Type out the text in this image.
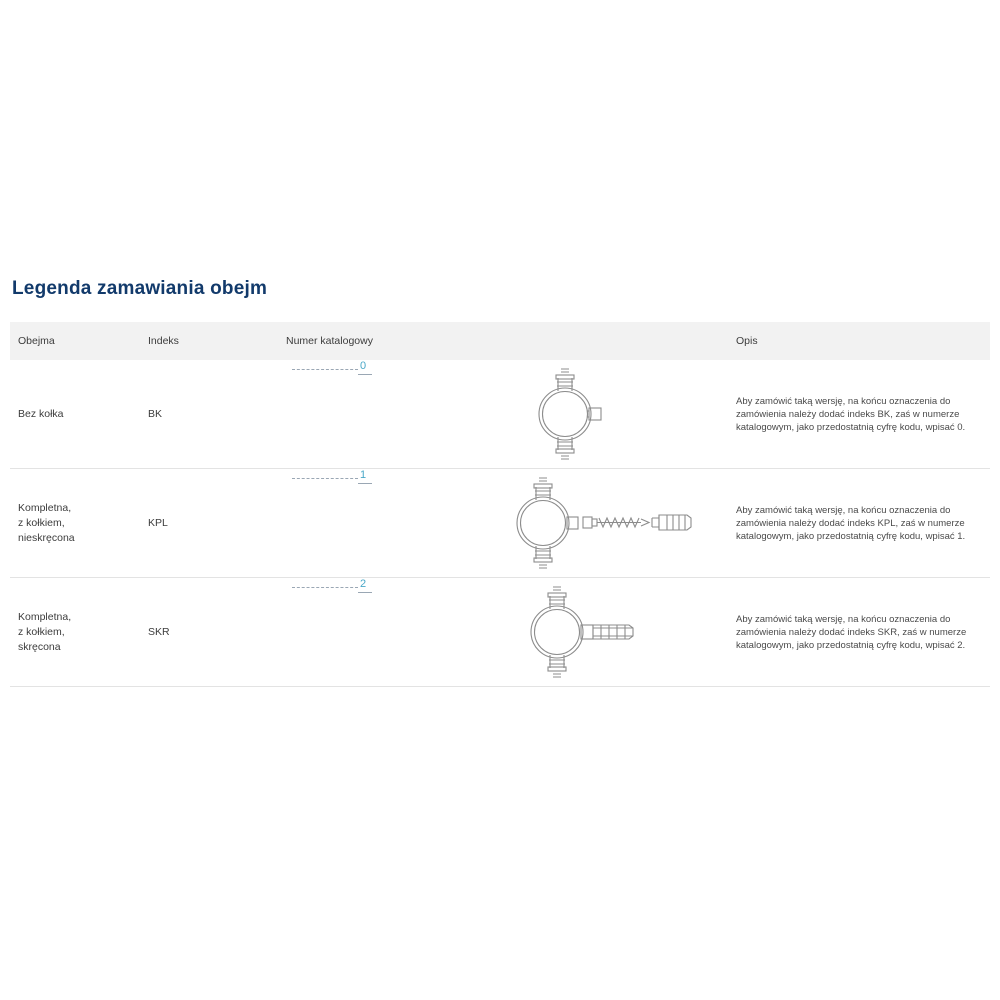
Legenda zamawiania obejm
Obejma	Indeks	Numer katalogowy		Opis

Bez kołka	BK	0		Aby zamówić taką wersję, na końcu oznaczenia do zamówienia należy dodać indeks BK, zaś w numerze katalogowym, jako przedostatnią cyfrę kodu, wpisać 0.

Kompletna,
z kołkiem,
nieskręcona	KPL	1		Aby zamówić taką wersję, na końcu oznaczenia do zamówienia należy dodać indeks KPL, zaś w numerze katalogowym, jako przedostatnią cyfrę kodu, wpisać 1.

Kompletna,
z kołkiem,
skręcona	SKR	2		Aby zamówić taką wersję, na końcu oznaczenia do zamówienia należy dodać indeks SKR, zaś w numerze katalogowym, jako przedostatnią cyfrę kodu, wpisać 2.
